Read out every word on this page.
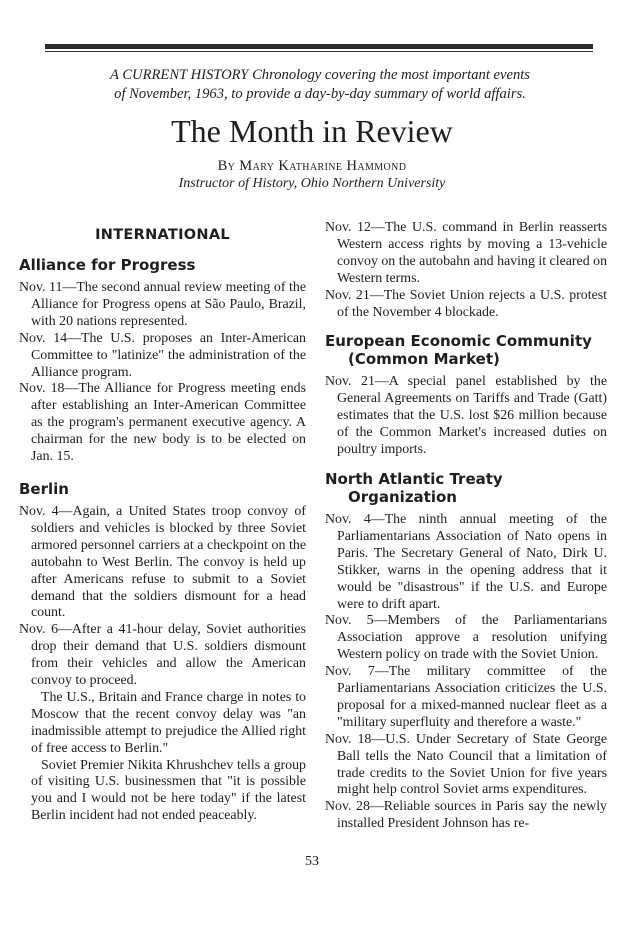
A CURRENT HISTORY Chronology covering the most important events
of November, 1963, to provide a day-by-day summary of world affairs.
The Month in Review
By Mary Katharine Hammond
Instructor of History, Ohio Northern University
INTERNATIONAL
Alliance for Progress

Nov. 11—The second annual review meeting of the Alliance for Progress opens at São Paulo, Brazil, with 20 nations represented.

Nov. 14—The U.S. proposes an Inter-American Committee to "latinize" the administration of the Alliance program.

Nov. 18—The Alliance for Progress meeting ends after establishing an Inter-American Committee as the program's permanent executive agency. A chairman for the new body is to be elected on Jan. 15.

Berlin

Nov. 4—Again, a United States troop convoy of soldiers and vehicles is blocked by three Soviet armored personnel carriers at a checkpoint on the autobahn to West Berlin. The convoy is held up after Americans refuse to submit to a Soviet demand that the soldiers dismount for a head count.

Nov. 6—After a 41-hour delay, Soviet authorities drop their demand that U.S. soldiers dismount from their vehicles and allow the American convoy to proceed.

The U.S., Britain and France charge in notes to Moscow that the recent convoy delay was "an inadmissible attempt to prejudice the Allied right of free access to Berlin."

Soviet Premier Nikita Khrushchev tells a group of visiting U.S. businessmen that "it is possible you and I would not be here today" if the latest Berlin incident had not ended peaceably.

Nov. 12—The U.S. command in Berlin reasserts Western access rights by moving a 13-vehicle convoy on the autobahn and having it cleared on Western terms.

Nov. 21—The Soviet Union rejects a U.S. protest of the November 4 blockade.

European Economic Community
(Common Market)

Nov. 21—A special panel established by the General Agreements on Tariffs and Trade (Gatt) estimates that the U.S. lost $26 million because of the Common Market's increased duties on poultry imports.

North Atlantic Treaty
Organization

Nov. 4—The ninth annual meeting of the Parliamentarians Association of Nato opens in Paris. The Secretary General of Nato, Dirk U. Stikker, warns in the opening address that it would be "disastrous" if the U.S. and Europe were to drift apart.

Nov. 5—Members of the Parliamentarians Association approve a resolution unifying Western policy on trade with the Soviet Union.

Nov. 7—The military committee of the Parliamentarians Association criticizes the U.S. proposal for a mixed-manned nuclear fleet as a "military superfluity and therefore a waste."

Nov. 18—U.S. Under Secretary of State George Ball tells the Nato Council that a limitation of trade credits to the Soviet Union for five years might help control Soviet arms expenditures.

Nov. 28—Reliable sources in Paris say the newly installed President Johnson has re-

53
